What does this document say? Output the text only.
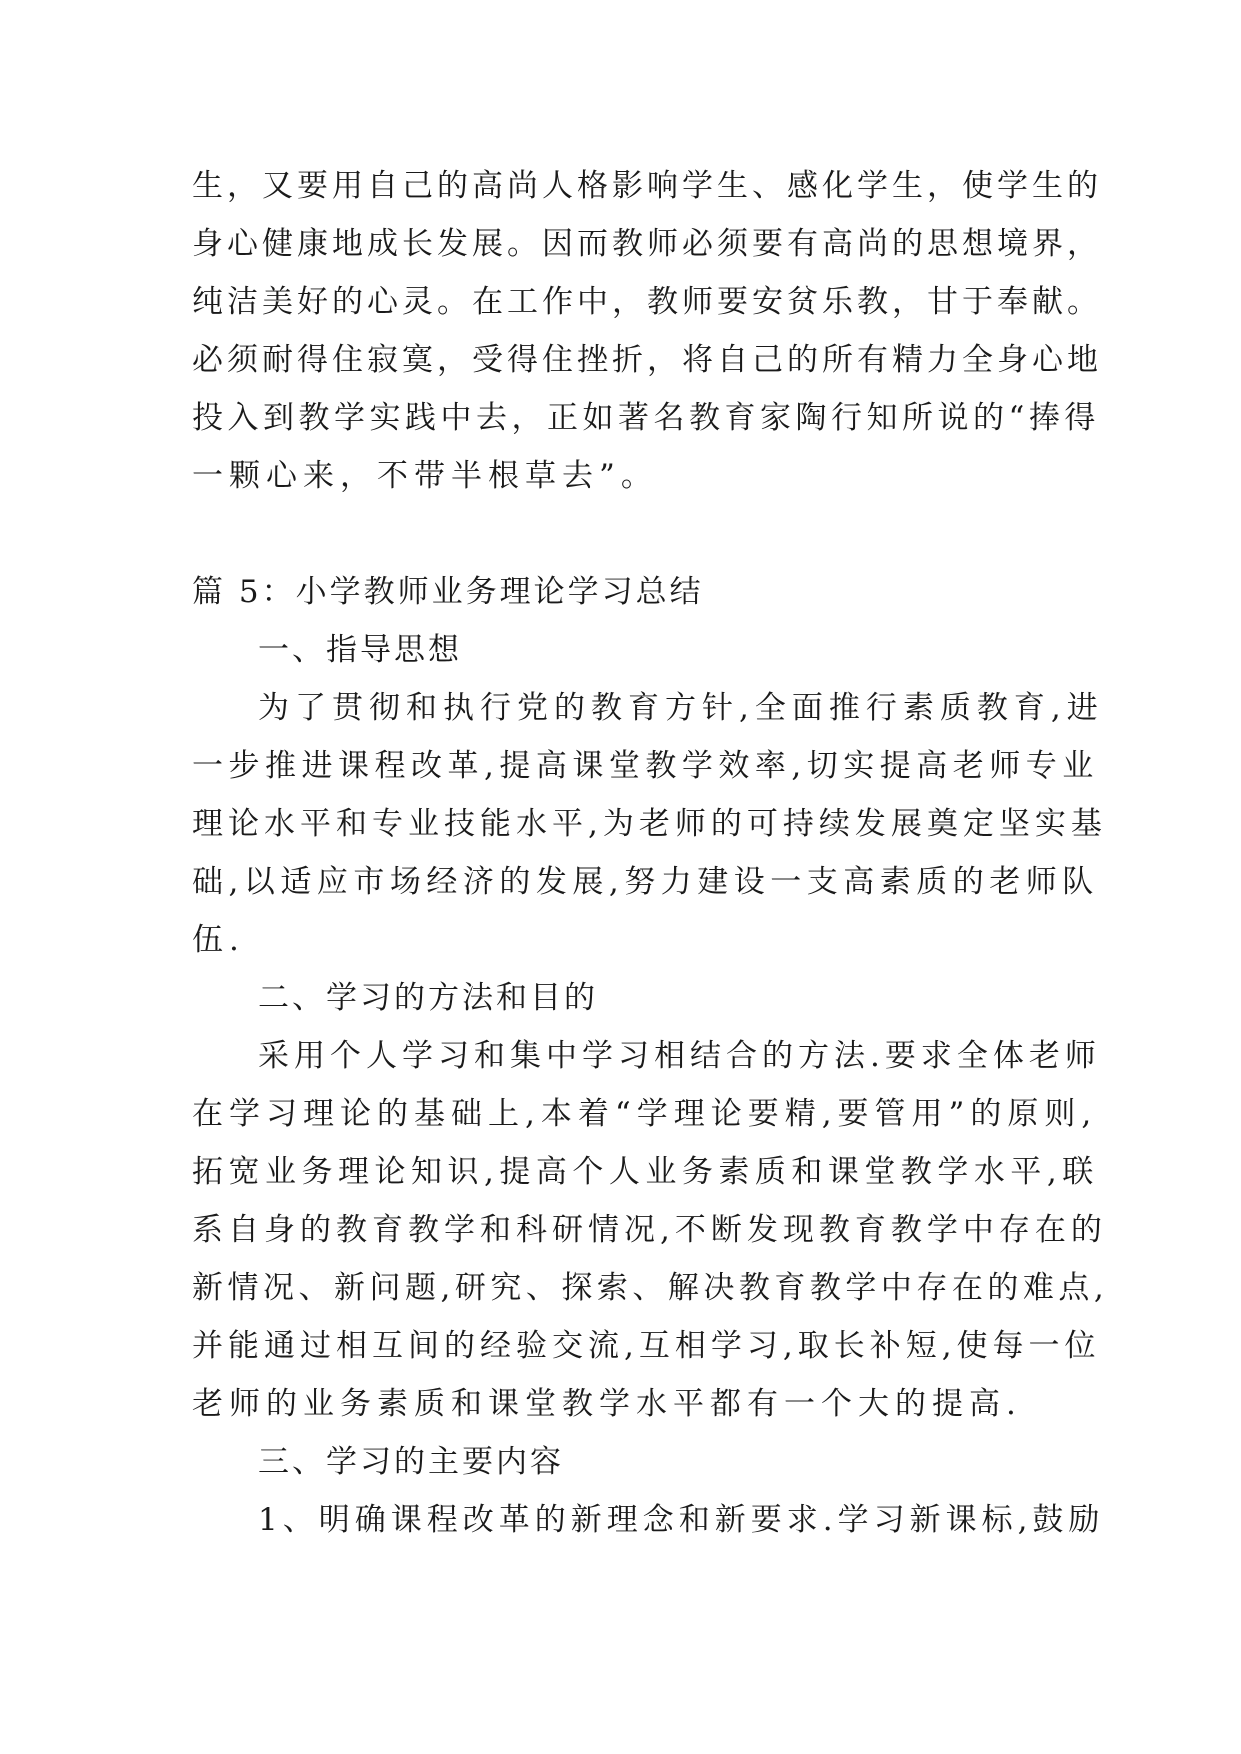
生，又要用自己的高尚人格影响学生、感化学生，使学生的
身心健康地成长发展。因而教师必须要有高尚的思想境界，
纯洁美好的心灵。在工作中，教师要安贫乐教，甘于奉献。
必须耐得住寂寞，受得住挫折，将自己的所有精力全身心地
投入到教学实践中去，正如著名教育家陶行知所说的“捧得
一颗心来，不带半根草去”。
篇 5：小学教师业务理论学习总结
一、指导思想
为了贯彻和执行党的教育方针,全面推行素质教育,进
一步推进课程改革,提高课堂教学效率,切实提高老师专业
理论水平和专业技能水平,为老师的可持续发展奠定坚实基
础,以适应市场经济的发展,努力建设一支高素质的老师队
伍.
二、学习的方法和目的
采用个人学习和集中学习相结合的方法.要求全体老师
在学习理论的基础上,本着“学理论要精,要管用”的原则,
拓宽业务理论知识,提高个人业务素质和课堂教学水平,联
系自身的教育教学和科研情况,不断发现教育教学中存在的
新情况、新问题,研究、探索、解决教育教学中存在的难点,
并能通过相互间的经验交流,互相学习,取长补短,使每一位
老师的业务素质和课堂教学水平都有一个大的提高.
三、学习的主要内容
1、明确课程改革的新理念和新要求.学习新课标,鼓励
